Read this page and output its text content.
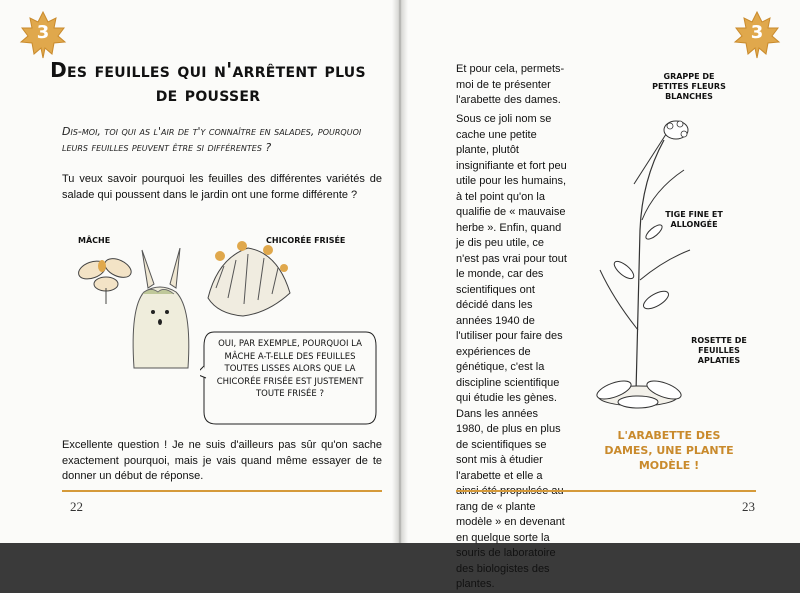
3
Des feuilles qui n'arrêtent plus de pousser
Dis-moi, toi qui as l'air de t'y connaître en salades, pourquoi leurs feuilles peuvent être si différentes ?
Tu veux savoir pourquoi les feuilles des différentes variétés de salade qui poussent dans le jardin ont une forme différente ?
MÂCHE	CHICORÉE FRISÉE
OUI, PAR EXEMPLE, POURQUOI LA MÂCHE A-T-ELLE DES FEUILLES TOUTES LISSES ALORS QUE LA CHICORÉE FRISÉE EST JUSTEMENT TOUTE FRISÉE ?
Excellente question ! Je ne suis d'ailleurs pas sûr qu'on sache exactement pourquoi, mais je vais quand même essayer de te donner un début de réponse.
22
3
Et pour cela, permets-moi de te présenter l'arabette des dames.
Sous ce joli nom se cache une petite plante, plutôt insignifiante et fort peu utile pour les humains, à tel point qu'on la qualifie de « mauvaise herbe ». Enfin, quand je dis peu utile, ce n'est pas vrai pour tout le monde, car des scientifiques ont décidé dans les années 1940 de l'utiliser pour faire des expériences de génétique, c'est la discipline scientifique qui étudie les gènes. Dans les années 1980, de plus en plus de scientifiques se sont mis à étudier l'arabette et elle a rang de « plante modèle » en devenant en quelque sorte la souris de laboratoire des biologistes des plantes.
GRAPPE DE PETITES FLEURS BLANCHES
TIGE FINE ET ALLONGÉE
ROSETTE DE FEUILLES APLATIES
L'ARABETTE DES DAMES, UNE PLANTE MODÈLE !
23
